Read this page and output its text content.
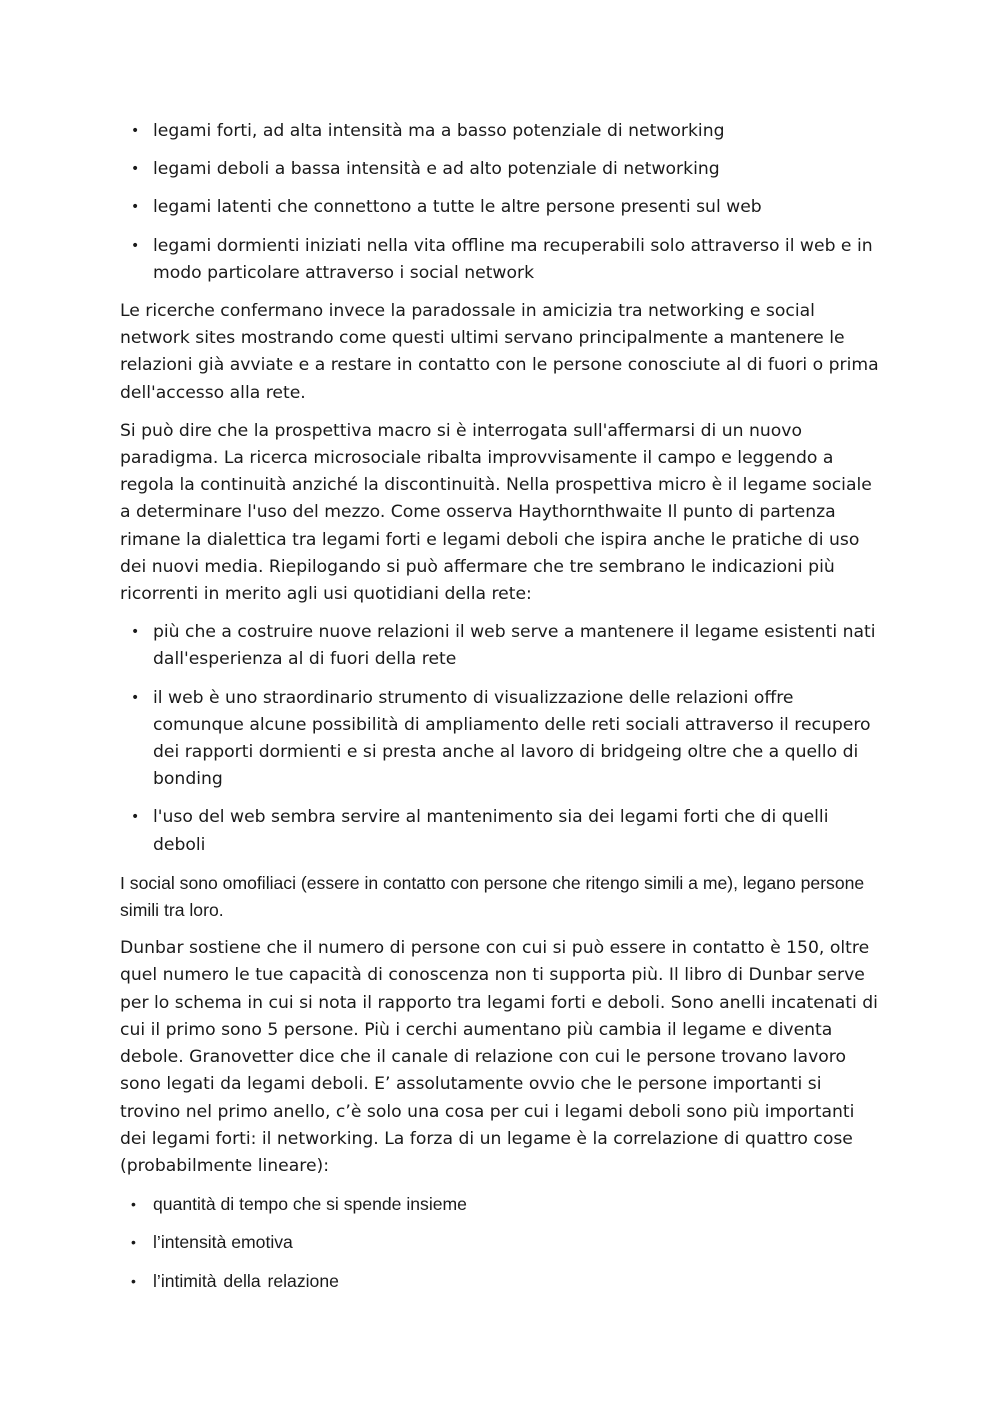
• legami forti, ad alta intensità ma a basso potenziale di networking
• legami deboli a bassa intensità e ad alto potenziale di networking
• legami latenti che connettono a tutte le altre persone presenti sul web
• legami dormienti iniziati nella vita offline ma recuperabili solo attraverso il web e in modo particolare attraverso i social network

Le ricerche confermano invece la paradossale in amicizia tra networking e social network sites mostrando come questi ultimi servano principalmente a mantenere le relazioni già avviate e a restare in contatto con le persone conosciute al di fuori o prima dell'accesso alla rete.

Si può dire che la prospettiva macro si è interrogata sull'affermarsi di un nuovo paradigma. La ricerca microsociale ribalta improvvisamente il campo e leggendo a regola la continuità anziché la discontinuità. Nella prospettiva micro è il legame sociale a determinare l'uso del mezzo. Come osserva Haythornthwaite Il punto di partenza rimane la dialettica tra legami forti e legami deboli che ispira anche le pratiche di uso dei nuovi media. Riepilogando si può affermare che tre sembrano le indicazioni più ricorrenti in merito agli usi quotidiani della rete:

• più che a costruire nuove relazioni il web serve a mantenere il legame esistenti nati dall'esperienza al di fuori della rete
• il web è uno straordinario strumento di visualizzazione delle relazioni offre comunque alcune possibilità di ampliamento delle reti sociali attraverso il recupero dei rapporti dormienti e si presta anche al lavoro di bridgeing oltre che a quello di bonding
• l'uso del web sembra servire al mantenimento sia dei legami forti che di quelli deboli

I social sono omofiliaci (essere in contatto con persone che ritengo simili a me), legano persone simili tra loro.

Dunbar sostiene che il numero di persone con cui si può essere in contatto è 150, oltre quel numero le tue capacità di conoscenza non ti supporta più. Il libro di Dunbar serve per lo schema in cui si nota il rapporto tra legami forti e deboli. Sono anelli incatenati di cui il primo sono 5 persone. Più i cerchi aumentano più cambia il legame e diventa debole. Granovetter dice che il canale di relazione con cui le persone trovano lavoro sono legati da legami deboli. E’ assolutamente ovvio che le persone importanti si trovino nel primo anello, c’è solo una cosa per cui i legami deboli sono più importanti dei legami forti: il networking. La forza di un legame è la correlazione di quattro cose (probabilmente lineare):

• quantità di tempo che si spende insieme
• l’intensità emotiva
• l’intimità della relazione
